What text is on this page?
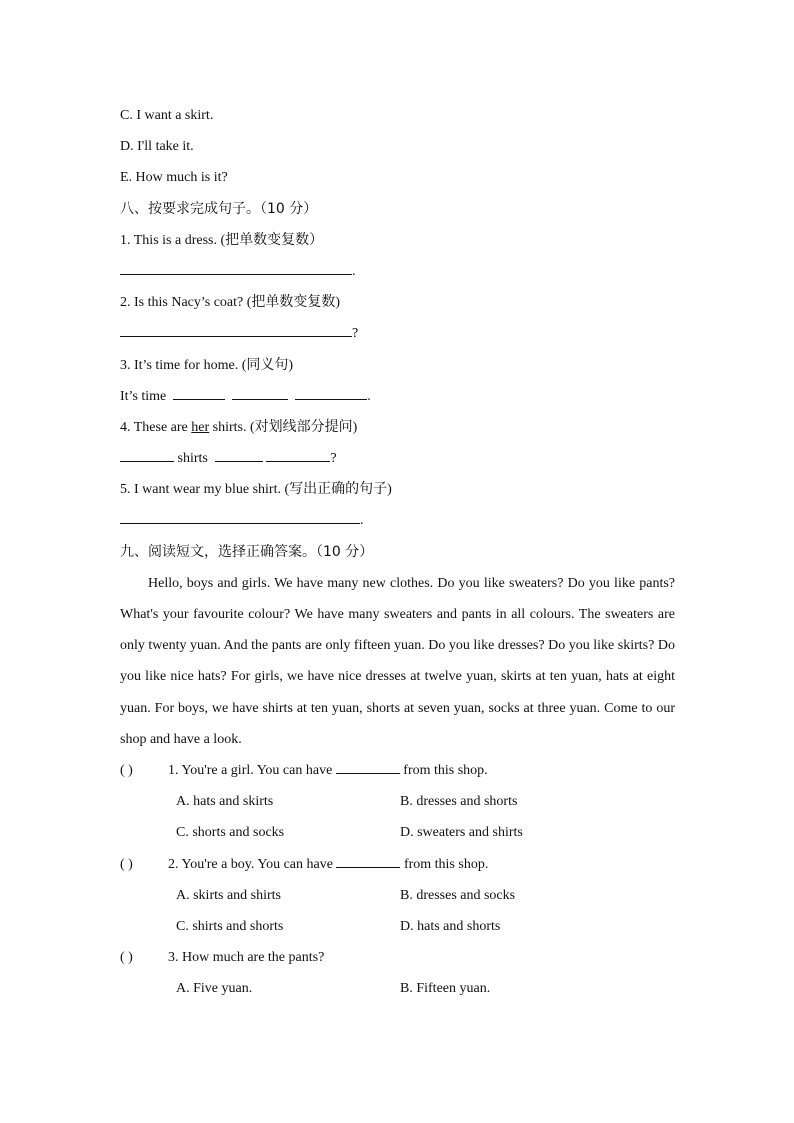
C. I want a skirt.
D. I'll take it.
E. How much is it?
八、按要求完成句子。（10 分）
1. This is a dress. (把单数变复数）
.
2. Is this Nacy’s coat? (把单数变复数)
?
3. It’s time for home. (同义句)
It’s time	.
4. These are her shirts. (对划线部分提问)
shirts	?
5. I want wear my blue shirt. (写出正确的句子)
.
九、阅读短文，选择正确答案。（10 分）
Hello, boys and girls. We have many new clothes. Do you like sweaters? Do you like pants? What's your favourite colour? We have many sweaters and pants in all colours. The sweaters are only twenty yuan. And the pants are only fifteen yuan. Do you like dresses? Do you like skirts? Do you like nice hats? For girls, we have nice dresses at twelve yuan, skirts at ten yuan, hats at eight yuan. For boys, we have shirts at ten yuan, shorts at seven yuan, socks at three yuan. Come to our shop and have a look.
( )	1. You're a girl. You can have	from this shop.
A. hats and skirts	B. dresses and shorts
C. shorts and socks	D. sweaters and shirts
( )	2. You're a boy. You can have	from this shop.
A. skirts and shirts	B. dresses and socks
C. shirts and shorts	D. hats and shorts
( )	3. How much are the pants?
A. Five yuan.	B. Fifteen yuan.
